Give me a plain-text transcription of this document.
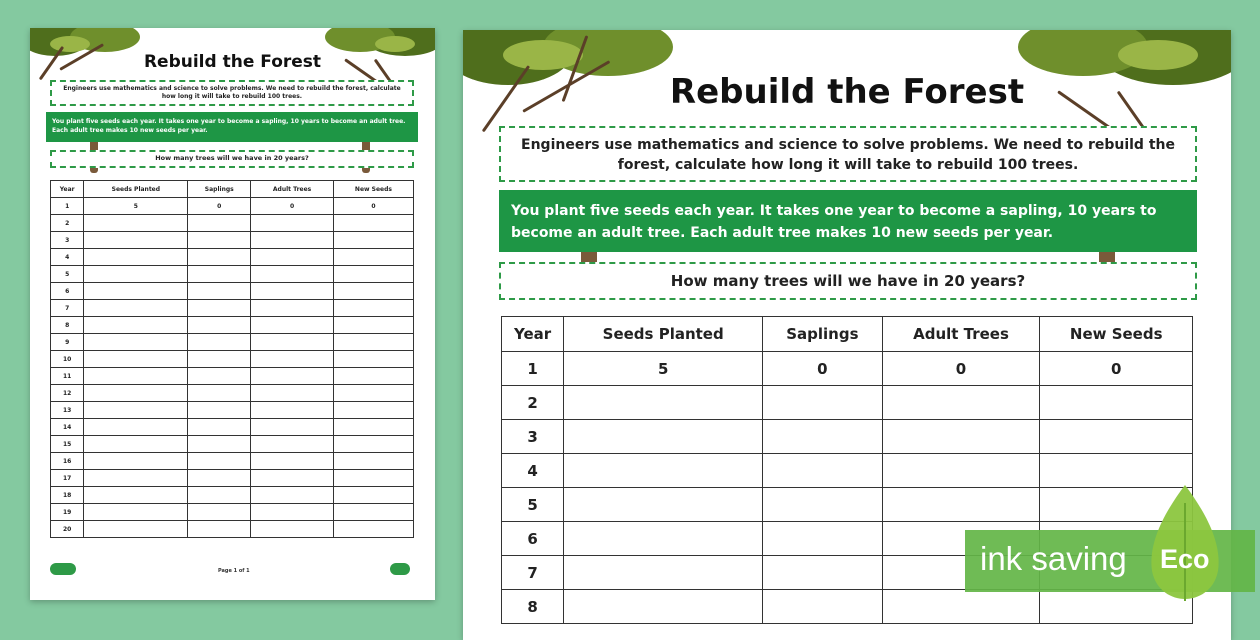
Rebuild the Forest
Engineers use mathematics and science to solve problems. We need to rebuild the forest, calculate how long it will take to rebuild 100 trees.
You plant five seeds each year. It takes one year to become a sapling, 10 years to become an adult tree. Each adult tree makes 10 new seeds per year.
How many trees will we have in 20 years?
Year	Seeds Planted	Saplings	Adult Trees	New Seeds
1	5	0	0	0
2				
3				
4				
5				
6				
7				
8				
9				
10				
11				
12				
13				
14				
15				
16				
17				
18				
19				
20				
Page 1 of 1
Rebuild the Forest
Engineers use mathematics and science to solve problems. We need to rebuild the forest, calculate how long it will take to rebuild 100 trees.
You plant five seeds each year. It takes one year to become a sapling, 10 years to become an adult tree. Each adult tree makes 10 new seeds per year.
How many trees will we have in 20 years?
Year	Seeds Planted	Saplings	Adult Trees	New Seeds
1	5	0	0	0
2				
3				
4				
5				
6				
7				
8				
ink saving Eco
